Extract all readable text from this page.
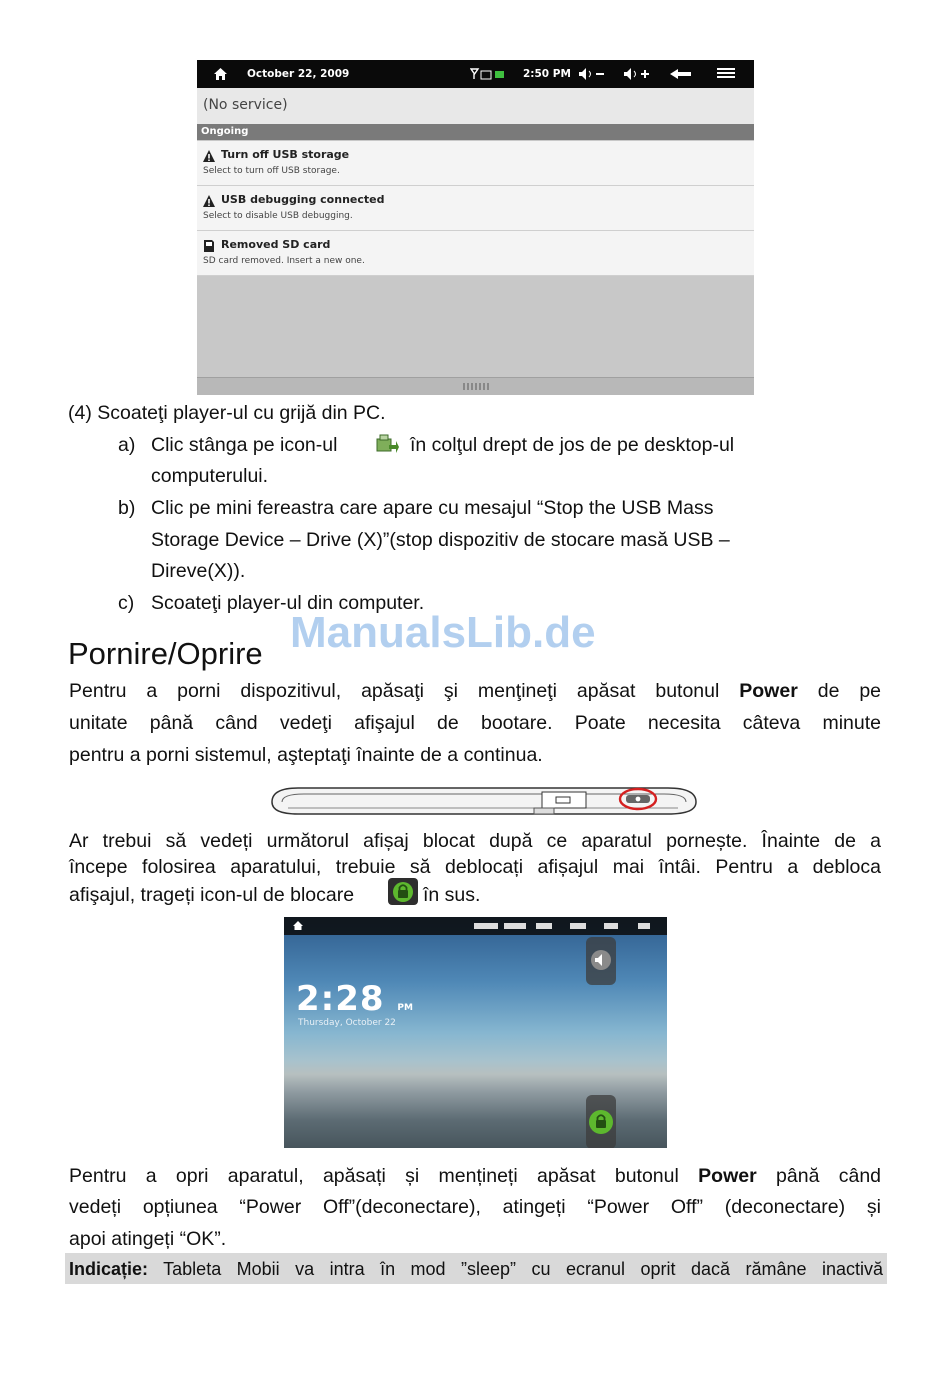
October 22, 2009	2:50 PM
(No service)
Ongoing
Turn off USB storage
Select to turn off USB storage.
USB debugging connected
Select to disable USB debugging.
Removed SD card
SD card removed. Insert a new one.
(4) Scoateţi player-ul cu grijă din PC.
a) Clic stânga pe icon-ul	în colţul drept de jos de pe desktop-ul
computerului.
b) Clic pe mini fereastra care apare cu mesajul “Stop the USB Mass
Storage Device – Drive (X)”(stop dispozitiv de stocare masă USB –
Direve(X)).
c) Scoateţi player-ul din computer.
ManualsLib.de
Pornire/Oprire
Pentru a porni dispozitivul, apăsaţi şi menţineţi apăsat butonul Power de pe
unitate până când vedeţi afişajul de bootare. Poate necesita câteva minute
pentru a porni sistemul, aşteptaţi înainte de a continua.
Ar trebui să vedeți următorul afișaj blocat după ce aparatul pornește. Înainte de a
începe folosirea aparatului, trebuie să deblocați afișajul mai întâi. Pentru a debloca
afişajul, trageți icon-ul de blocare	în sus.
2:28 PM
Thursday, October 22
Pentru a opri aparatul, apăsați și mențineți apăsat butonul Power până când
vedeți opțiunea “Power Off”(deconectare), atingeți “Power Off” (deconectare) și
apoi atingeți “OK”.
Indicație: Tableta Mobii va intra în mod ”sleep” cu ecranul oprit dacă rămâne inactivă
